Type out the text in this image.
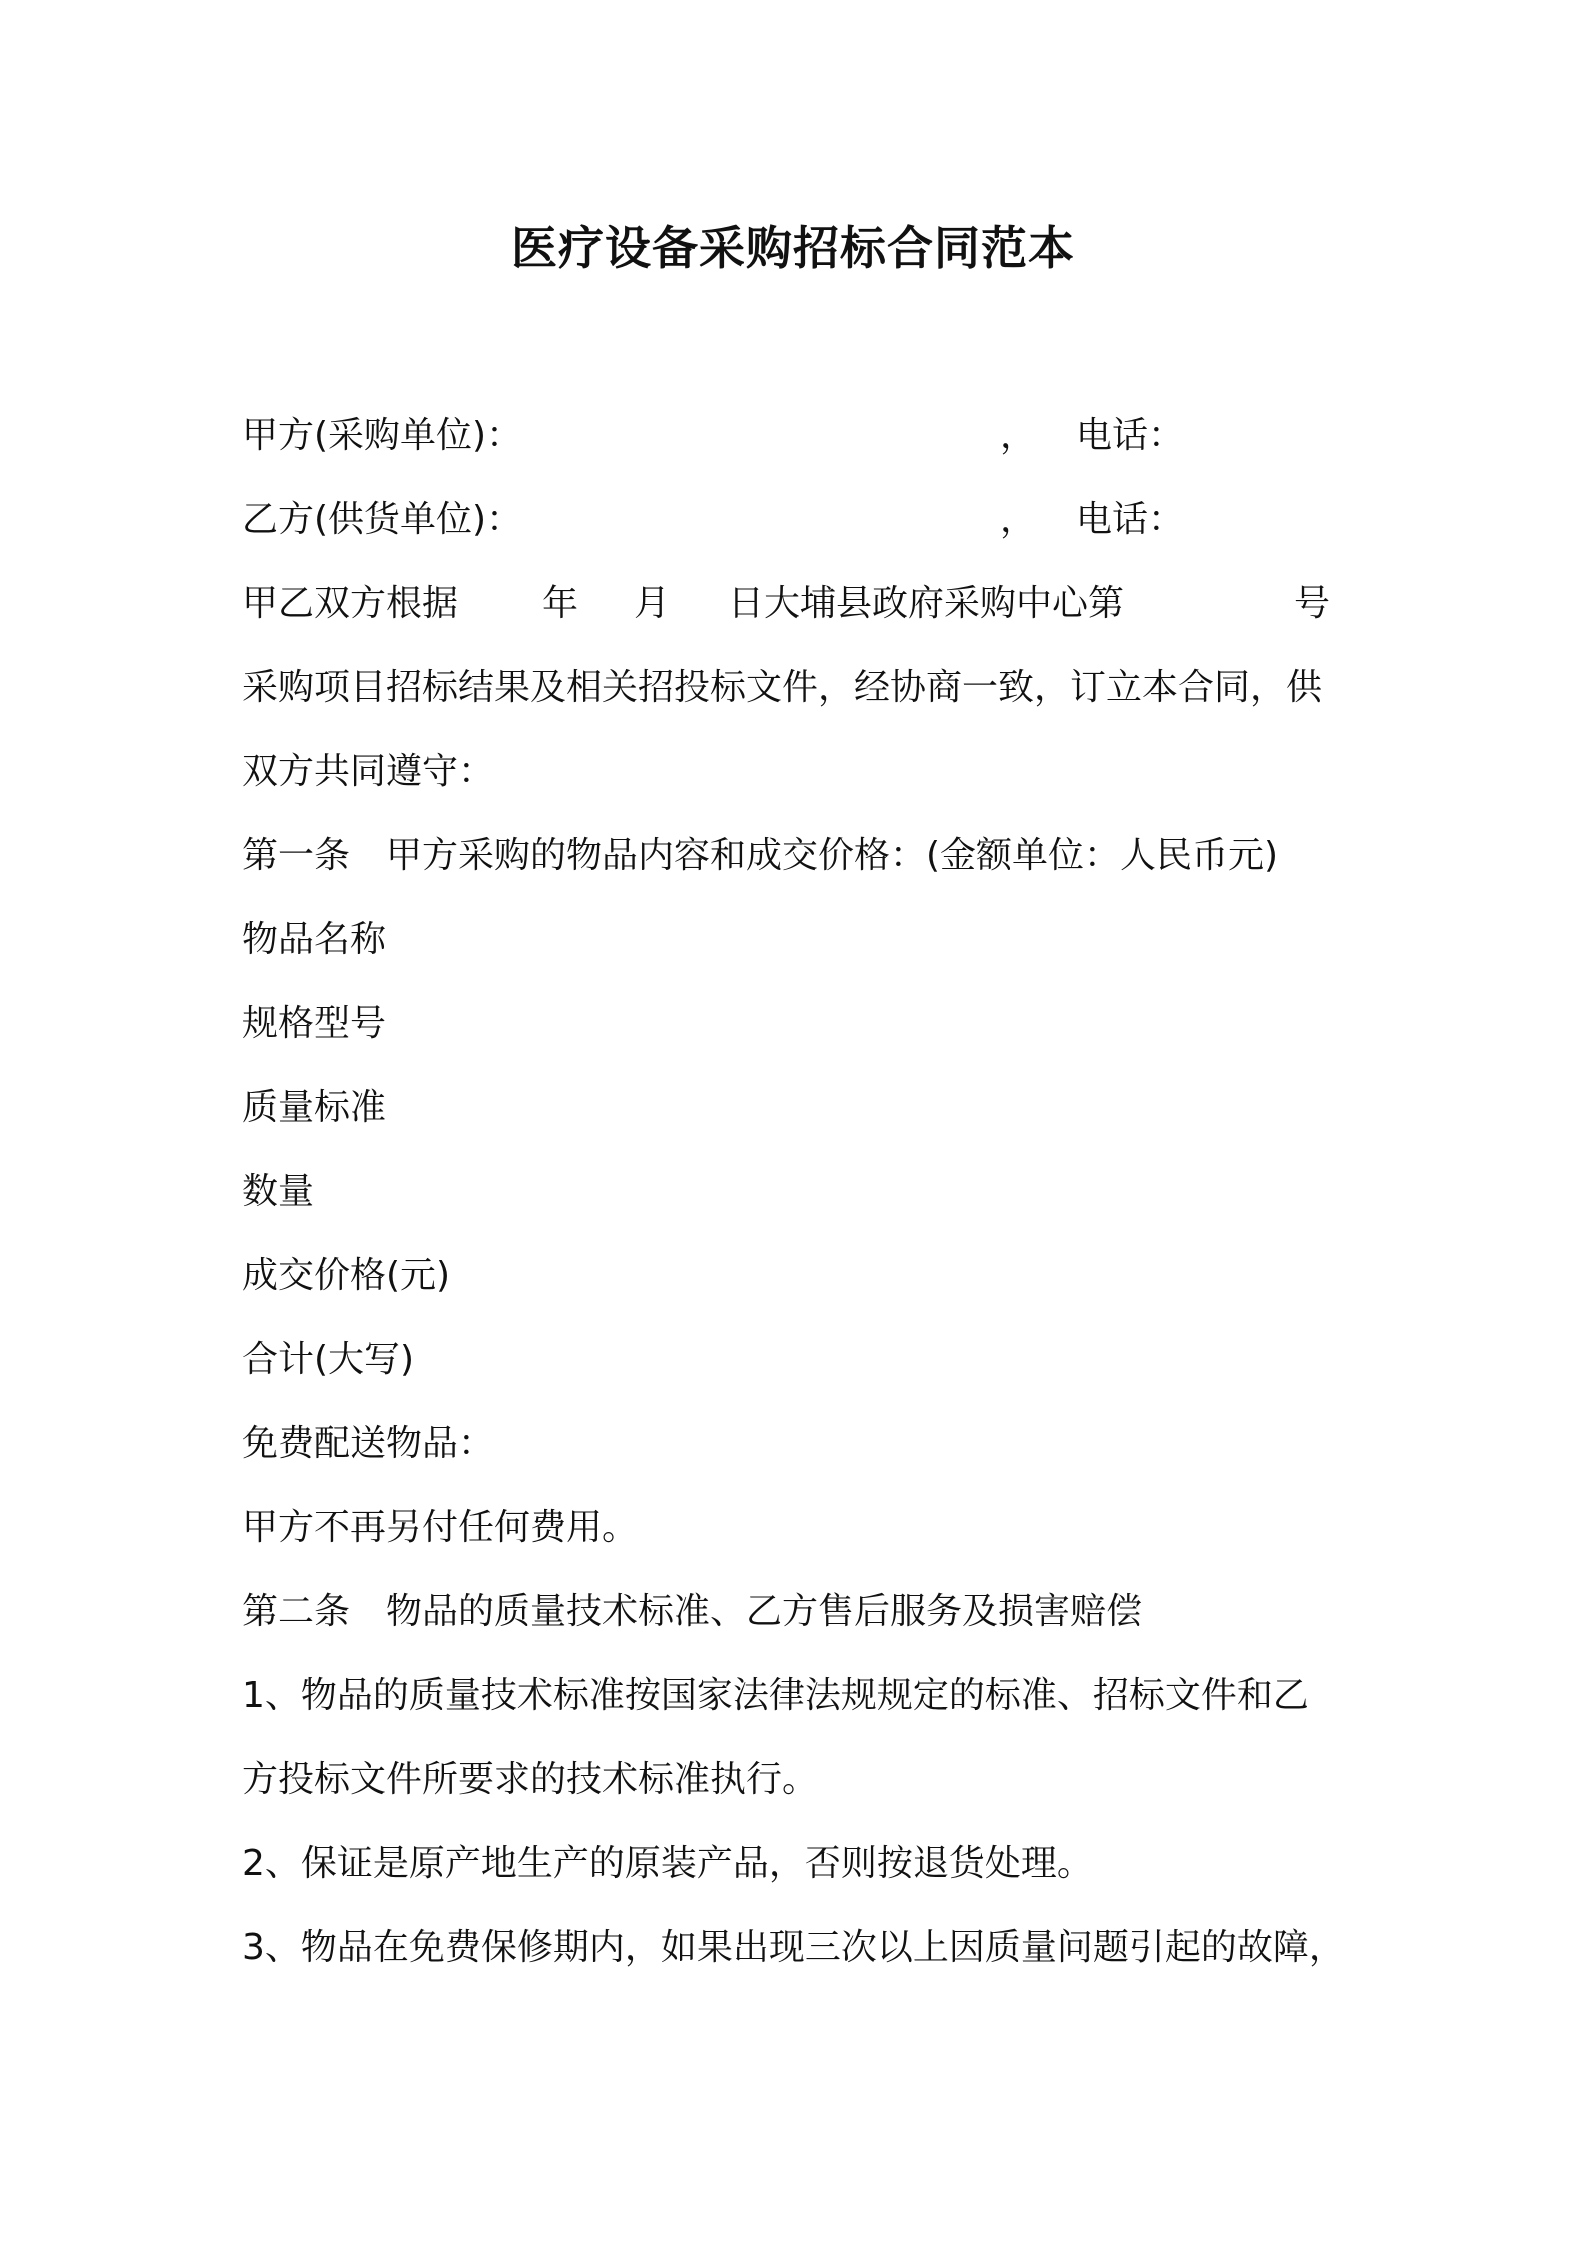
医疗设备采购招标合同范本
甲方(采购单位)：	， 电话：
乙方(供货单位)：	， 电话：
甲乙双方根据 年 月 日大埔县政府采购中心第	号
采购项目招标结果及相关招投标文件，经协商一致，订立本合同，供
双方共同遵守：
第一条　甲方采购的物品内容和成交价格：(金额单位：人民币元)
物品名称
规格型号
质量标准
数量
成交价格(元)
合计(大写)
免费配送物品：
甲方不再另付任何费用。
第二条　物品的质量技术标准、乙方售后服务及损害赔偿
1、物品的质量技术标准按国家法律法规规定的标准、招标文件和乙
方投标文件所要求的技术标准执行。
2、保证是原产地生产的原装产品，否则按退货处理。
3、物品在免费保修期内，如果出现三次以上因质量问题引起的故障，
